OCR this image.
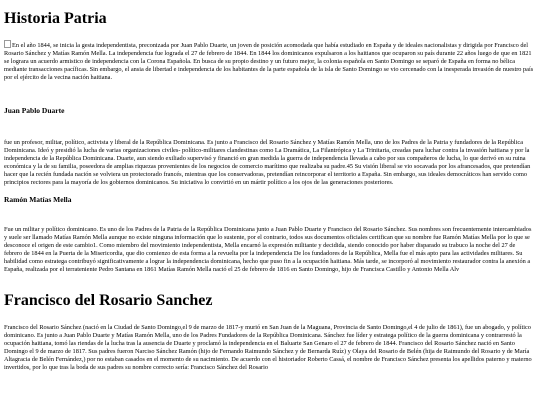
Historia Patria

En el año 1844, se inicia la gesta independentista, preconizada por Juan Pablo Duarte, un joven de posición acomodada que había estudiado en España y de ideales nacionalistas y dirigida por Francisco del Rosario Sánchez y Matías Ramón Mella. La independencia fue lograda el 27 de febrero de 1844. En 1844 los dominicanos expulsaron a los haitianos que ocuparon su país durante 22 años luego de que en 1821 se lograra un acuerdo armistico de independencia con la Corona Española. En busca de su propio destino y un futuro mejor, la colonia española en Santo Domingo se separó de España en forma no bélica mediante transacciones pacíficas. Sin embargo, el ansia de libertad e independencia de los habitantes de la parte española de la isla de Santo Domingo se vio cercenado con la inesperada invasión de nuestro país por el ejército de la vecina nación haitiana.

Juan Pablo Duarte

fue un profesor, militar, político, activista y liberal de la República Dominicana. Es junto a Francisco del Rosario Sánchez y Matías Ramón Mella, uno de los Padres de la Patria y fundadores de la República Dominicana. Ideó y presidió la lucha de varias organizaciones civiles- político-militares clandestinas como La Dramática, La Filantrópica y La Trinitaria, creadas para luchar contra la invasión haitiana y por la independencia de la República Dominicana. Duarte, aun siendo exiliado supervisó y financió en gran medida la guerra de independencia llevada a cabo por sus compañeros de lucha, lo que derivó en su ruina económica y la de su familia, poseedora de amplias riquezas provenientes de los negocios de comercio marítimo que realizaba su padre.45 Su visión liberal se vio socavada por los afrancesados, que pretendían hacer que la recién fundada nación se volviera un protectorado francés, mientras que los conservadoras, pretendían reincorporar el territorio a España. Sin embargo, sus ideales democráticos han servido como principios rectores para la mayoría de los gobiernos dominicanos. Su iniciativa lo convirtió en un mártir político a los ojos de las generaciones posteriores.

Ramón Matías Mella

Fue un militar y político dominicano. Es uno de los Padres de la Patria de la República Dominicana junto a Juan Pablo Duarte y Francisco del Rosario Sánchez. Sus nombres son frecuentemente intercambiados y suele ser llamado Matías Ramón Mella aunque no existe ninguna información que lo sustente, por el contrario, todos sus documentos oficiales certifican que su nombre fue Ramón Matías Mella por lo que se desconoce el origen de este cambio1. Como miembro del movimiento independentista, Mella encarnó la expresión militante y decidida, siendo conocido por haber disparado su trabuco la noche del 27 de febrero de 1844 en la Puerta de la Misericordia, que dio comienzo de esta forma a la revuelta por la independencia De los fundadores de la República, Mella fue el más apto para las actividades militares. Su habilidad como estratega contribuyó significativamente a lograr la independencia dominicana, hecho que puso fin a la ocupación haitiana. Más tarde, se incorporó al movimiento restaurador contra la anexión a España, realizada por el terrateniente Pedro Santana en 1861 Matías Ramón Mella nació el 25 de febrero de 1816 en Santo Domingo, hijo de Francisca Castillo y Antonio Mella Alv

Francisco del Rosario Sanchez

Francisco del Rosario Sánchez (nació en la Ciudad de Santo Domingo,el 9 de marzo de 1817-y murió en San Juan de la Maguana, Provincia de Santo Domingo,el 4 de julio de 1861), fue un abogado, y político dominicano. Es junto a Juan Pablo Duarte y Matías Ramón Mella, uno de los Padres Fundadores de la República Dominicana. Sánchez fue líder y estratega político de la guerra dominicana y contrarrestó la ocupación haitiana, tomó las riendas de la lucha tras la ausencia de Duarte y proclamó la independencia en el Baluarte San Genaro el 27 de febrero de 1844. Francisco del Rosario Sánchez nació en Santo Domingo el 9 de marzo de 1817. Sus padres fueron Narciso Sánchez Ramón (hijo de Fernando Raimundo Sánchez y de Bernarda Ruíz) y Olaya del Rosario de Belén (hija de Raimundo del Rosario y de María Altagracia de Belén Fernández,) por no estaban casados en el momento de su nacimiento. De acuerdo con el historiador Roberto Cassá, el nombre de Francisco Sánchez presenta los apellidos paterno y materno invertidos, por lo que tras la boda de sus padres su nombre correcto sería: Francisco Sánchez del Rosario
